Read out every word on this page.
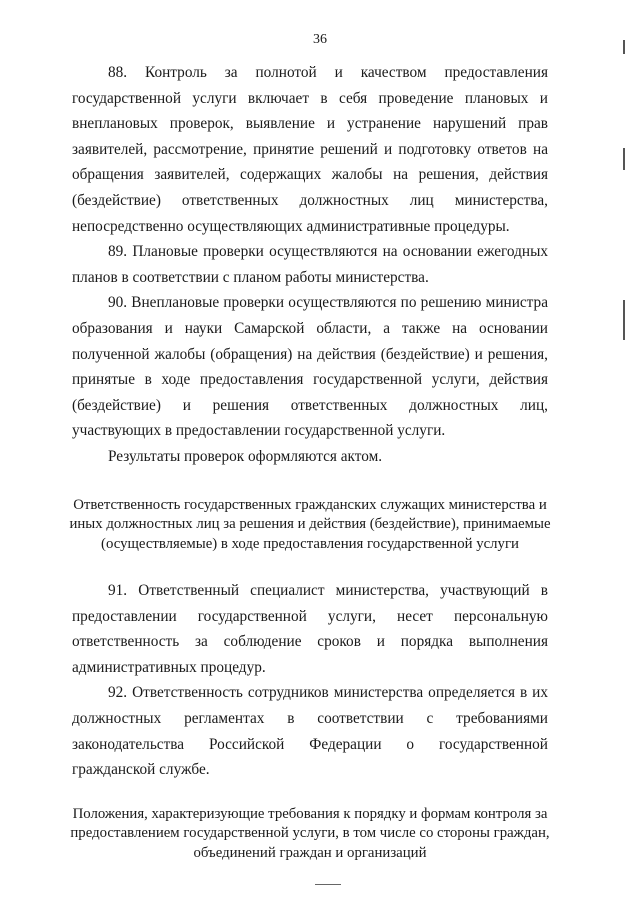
36

88. Контроль за полнотой и качеством предоставления государственной услуги включает в себя проведение плановых и внеплановых проверок, выявление и устранение нарушений прав заявителей, рассмотрение, принятие решений и подготовку ответов на обращения заявителей, содержащих жалобы на решения, действия (бездействие) ответственных должностных лиц министерства, непосредственно осуществляющих административные процедуры.

89. Плановые проверки осуществляются на основании ежегодных планов в соответствии с планом работы министерства.

90. Внеплановые проверки осуществляются по решению министра образования и науки Самарской области, а также на основании полученной жалобы (обращения) на действия (бездействие) и решения, принятые в ходе предоставления государственной услуги, действия (бездействие) и решения ответственных должностных лиц, участвующих в предоставлении государственной услуги.

Результаты проверок оформляются актом.

Ответственность государственных гражданских служащих министерства и иных должностных лиц за решения и действия (бездействие), принимаемые (осуществляемые) в ходе предоставления государственной услуги

91. Ответственный специалист министерства, участвующий в предоставлении государственной услуги, несет персональную ответственность за соблюдение сроков и порядка выполнения административных процедур.

92. Ответственность сотрудников министерства определяется в их должностных регламентах в соответствии с требованиями законодательства Российской Федерации о государственной гражданской службе.

Положения, характеризующие требования к порядку и формам контроля за предоставлением государственной услуги, в том числе со стороны граждан, объединений граждан и организаций
